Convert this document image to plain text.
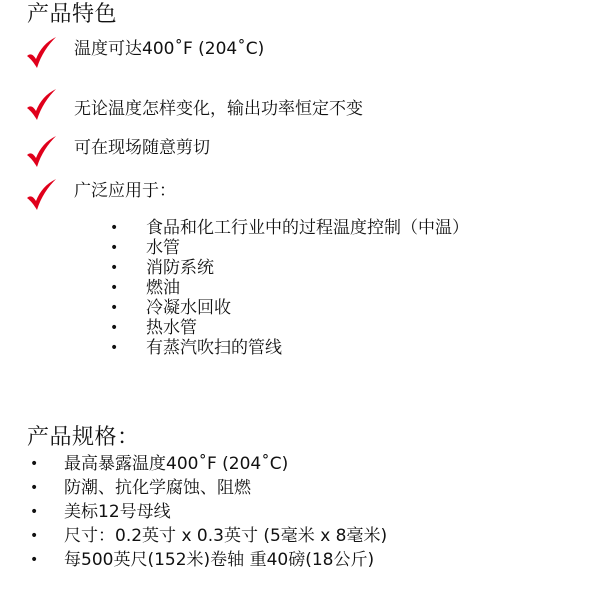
产品特色
温度可达400˚F (204˚C)
无论温度怎样变化，输出功率恒定不变
可在现场随意剪切
广泛应用于：
• 食品和化工行业中的过程温度控制（中温）
• 水管
• 消防系统
• 燃油
• 冷凝水回收
• 热水管
• 有蒸汽吹扫的管线
产品规格：
• 最高暴露温度400˚F (204˚C)
• 防潮、抗化学腐蚀、阻燃
• 美标12号母线
• 尺寸：0.2英寸 x 0.3英寸 (5毫米 x 8毫米)
• 每500英尺(152米)卷轴 重40磅(18公斤)
